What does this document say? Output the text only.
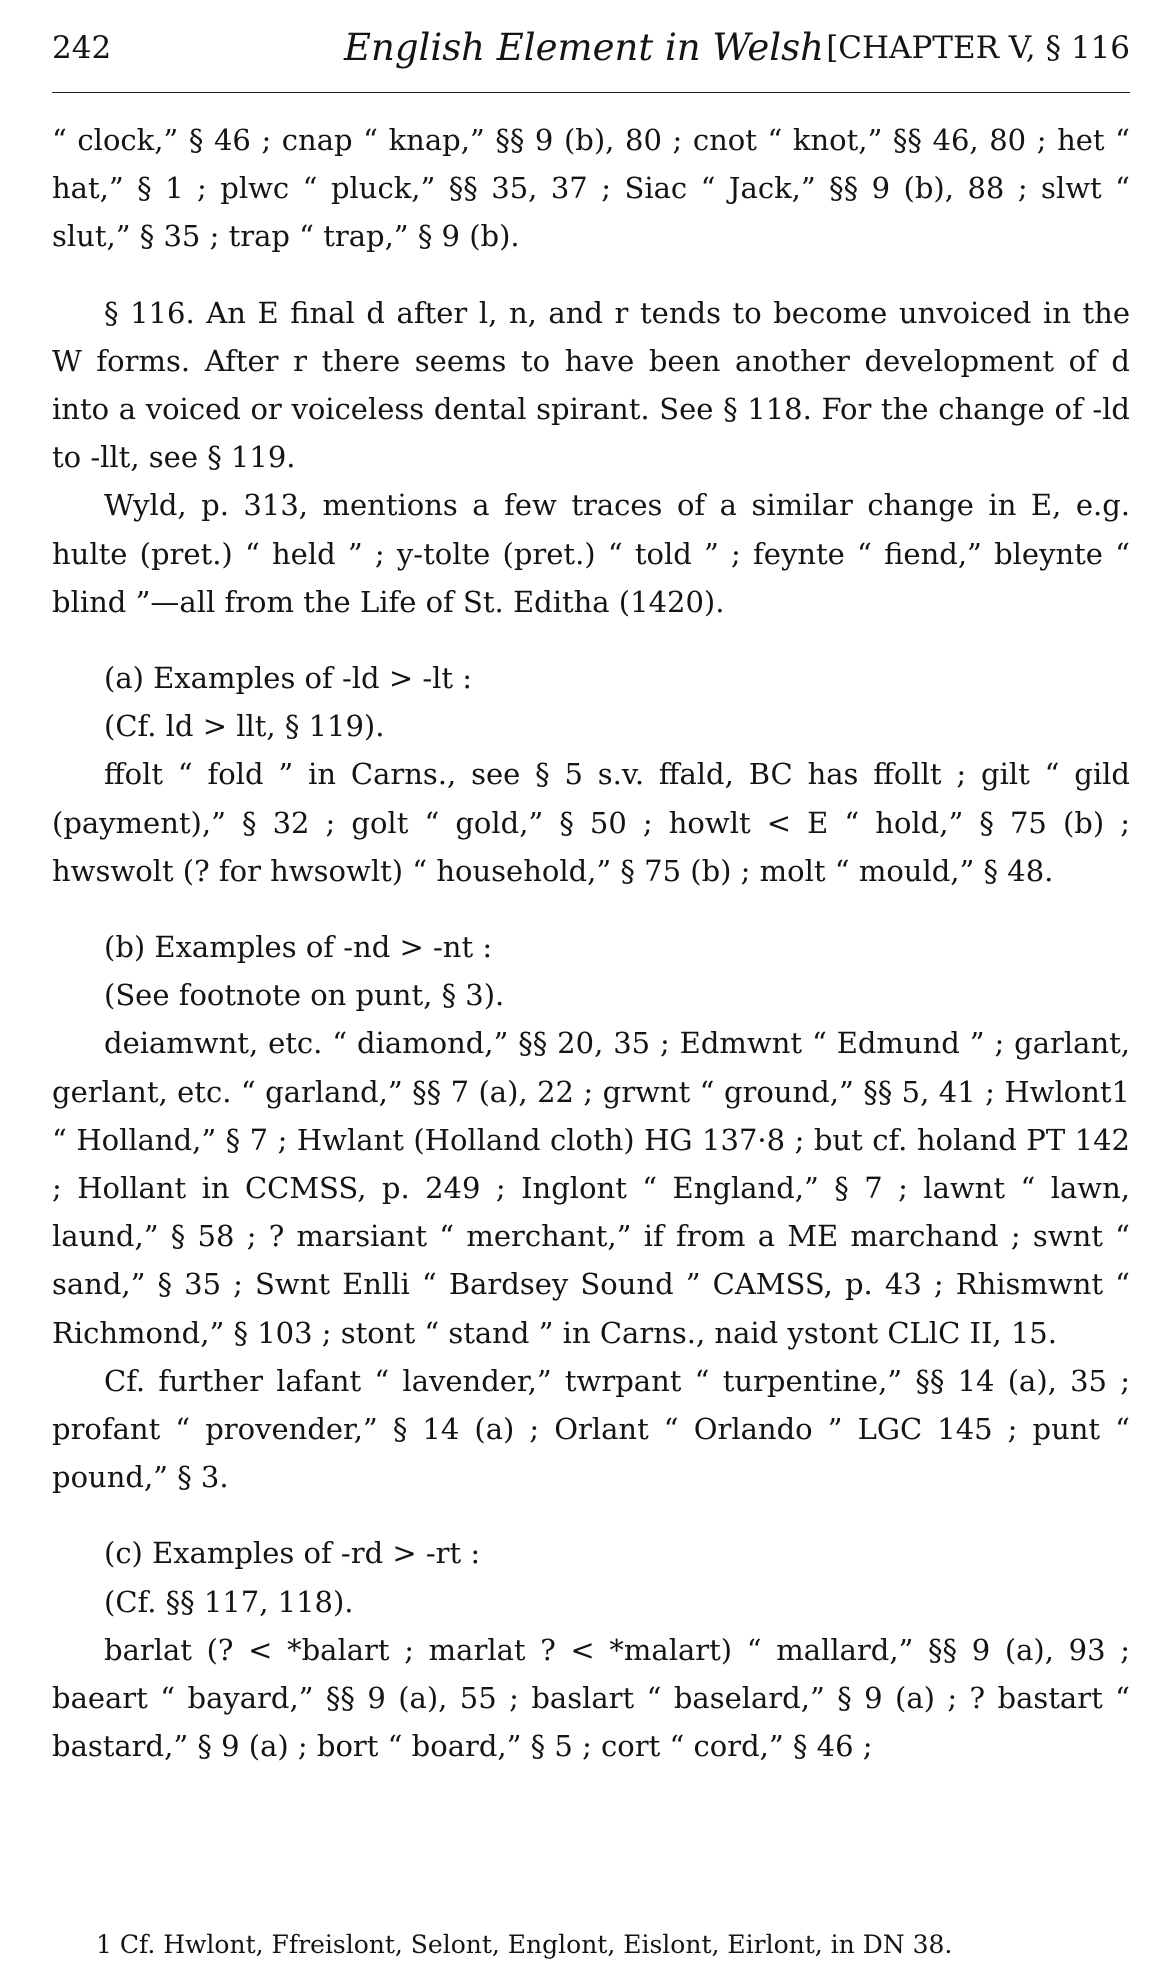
242	English Element in Welsh [CHAPTER V, § 116

“ clock,” § 46 ; cnap “ knap,” §§ 9 (b), 80 ; cnot “ knot,” §§ 46, 80 ; het “ hat,” § 1 ; plwc “ pluck,” §§ 35, 37 ; Siac “ Jack,” §§ 9 (b), 88 ; slwt “ slut,” § 35 ; trap “ trap,” § 9 (b).

§ 116. An E final d after l, n, and r tends to become unvoiced in the W forms. After r there seems to have been another development of d into a voiced or voiceless dental spirant. See § 118. For the change of -ld to -llt, see § 119.

Wyld, p. 313, mentions a few traces of a similar change in E, e.g. hulte (pret.) “ held ” ; y-tolte (pret.) “ told ” ; feynte “ fiend,” bleynte “ blind ”—all from the Life of St. Editha (1420).

(a) Examples of -ld > -lt :

(Cf. ld > llt, § 119).

ffolt “ fold ” in Carns., see § 5 s.v. ffald, BC has ffollt ; gilt “ gild (payment),” § 32 ; golt “ gold,” § 50 ; howlt < E “ hold,” § 75 (b) ; hwswolt (? for hwsowlt) “ household,” § 75 (b) ; molt “ mould,” § 48.

(b) Examples of -nd > -nt :

(See footnote on punt, § 3).

deiamwnt, etc. “ diamond,” §§ 20, 35 ; Edmwnt “ Edmund ” ; garlant, gerlant, etc. “ garland,” §§ 7 (a), 22 ; grwnt “ ground,” §§ 5, 41 ; Hwlont1 “ Holland,” § 7 ; Hwlant (Holland cloth) HG 137·8 ; but cf. holand PT 142 ; Hollant in CCMSS, p. 249 ; Inglont “ England,” § 7 ; lawnt “ lawn, laund,” § 58 ; ? marsiant “ merchant,” if from a ME marchand ; swnt “ sand,” § 35 ; Swnt Enlli “ Bardsey Sound ” CAMSS, p. 43 ; Rhismwnt “ Richmond,” § 103 ; stont “ stand ” in Carns., naid ystont CLlC II, 15.

Cf. further lafant “ lavender,” twrpant “ turpentine,” §§ 14 (a), 35 ; profant “ provender,” § 14 (a) ; Orlant “ Orlando ” LGC 145 ; punt “ pound,” § 3.

(c) Examples of -rd > -rt :

(Cf. §§ 117, 118).

barlat (? < *balart ; marlat ? < *malart) “ mallard,” §§ 9 (a), 93 ; baeart “ bayard,” §§ 9 (a), 55 ; baslart “ baselard,” § 9 (a) ; ? bastart “ bastard,” § 9 (a) ; bort “ board,” § 5 ; cort “ cord,” § 46 ;

1 Cf. Hwlont, Ffreislont, Selont, Englont, Eislont, Eirlont, in DN 38.
